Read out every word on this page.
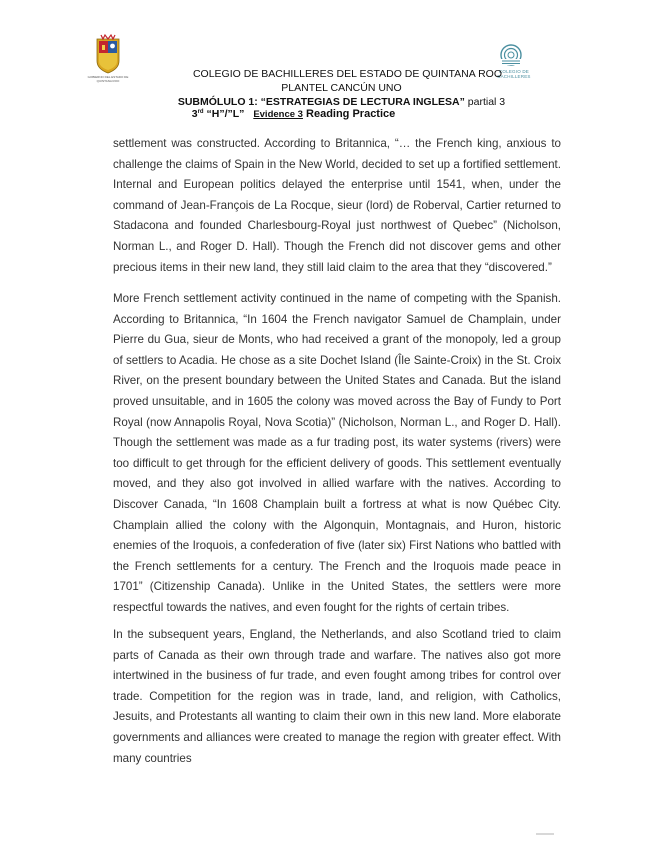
GOBIERNO DEL ESTADO DE QUINTANA ROO
COLEGIO DE
BACHILLERES
COLEGIO DE BACHILLERES DEL ESTADO DE QUINTANA ROO
PLANTEL CANCÚN UNO
SUBMÓLULO 1: “ESTRATEGIAS DE LECTURA INGLESA” partial 3
3rd “H”/”L” Evidence 3 Reading Practice

settlement was constructed. According to Britannica, “… the French king, anxious to challenge the claims of Spain in the New World, decided to set up a fortified settlement. Internal and European politics delayed the enterprise until 1541, when, under the command of Jean-François de La Rocque, sieur (lord) de Roberval, Cartier returned to Stadacona and founded Charlesbourg-Royal just northwest of Quebec” (Nicholson, Norman L., and Roger D. Hall). Though the French did not discover gems and other precious items in their new land, they still laid claim to the area that they “discovered.”

More French settlement activity continued in the name of competing with the Spanish. According to Britannica, “In 1604 the French navigator Samuel de Champlain, under Pierre du Gua, sieur de Monts, who had received a grant of the monopoly, led a group of settlers to Acadia. He chose as a site Dochet Island (Île Sainte-Croix) in the St. Croix River, on the present boundary between the United States and Canada. But the island proved unsuitable, and in 1605 the colony was moved across the Bay of Fundy to Port Royal (now Annapolis Royal, Nova Scotia)” (Nicholson, Norman L., and Roger D. Hall). Though the settlement was made as a fur trading post, its water systems (rivers) were too difficult to get through for the efficient delivery of goods. This settlement eventually moved, and they also got involved in allied warfare with the natives. According to Discover Canada, “In 1608 Champlain built a fortress at what is now Québec City. Champlain allied the colony with the Algonquin, Montagnais, and Huron, historic enemies of the Iroquois, a confederation of five (later six) First Nations who battled with the French settlements for a century. The French and the Iroquois made peace in 1701” (Citizenship Canada). Unlike in the United States, the settlers were more respectful towards the natives, and even fought for the rights of certain tribes.

In the subsequent years, England, the Netherlands, and also Scotland tried to claim parts of Canada as their own through trade and warfare. The natives also got more intertwined in the business of fur trade, and even fought among tribes for control over trade. Competition for the region was in trade, land, and religion, with Catholics, Jesuits, and Protestants all wanting to claim their own in this new land. More elaborate governments and alliances were created to manage the region with greater effect. With many countries
